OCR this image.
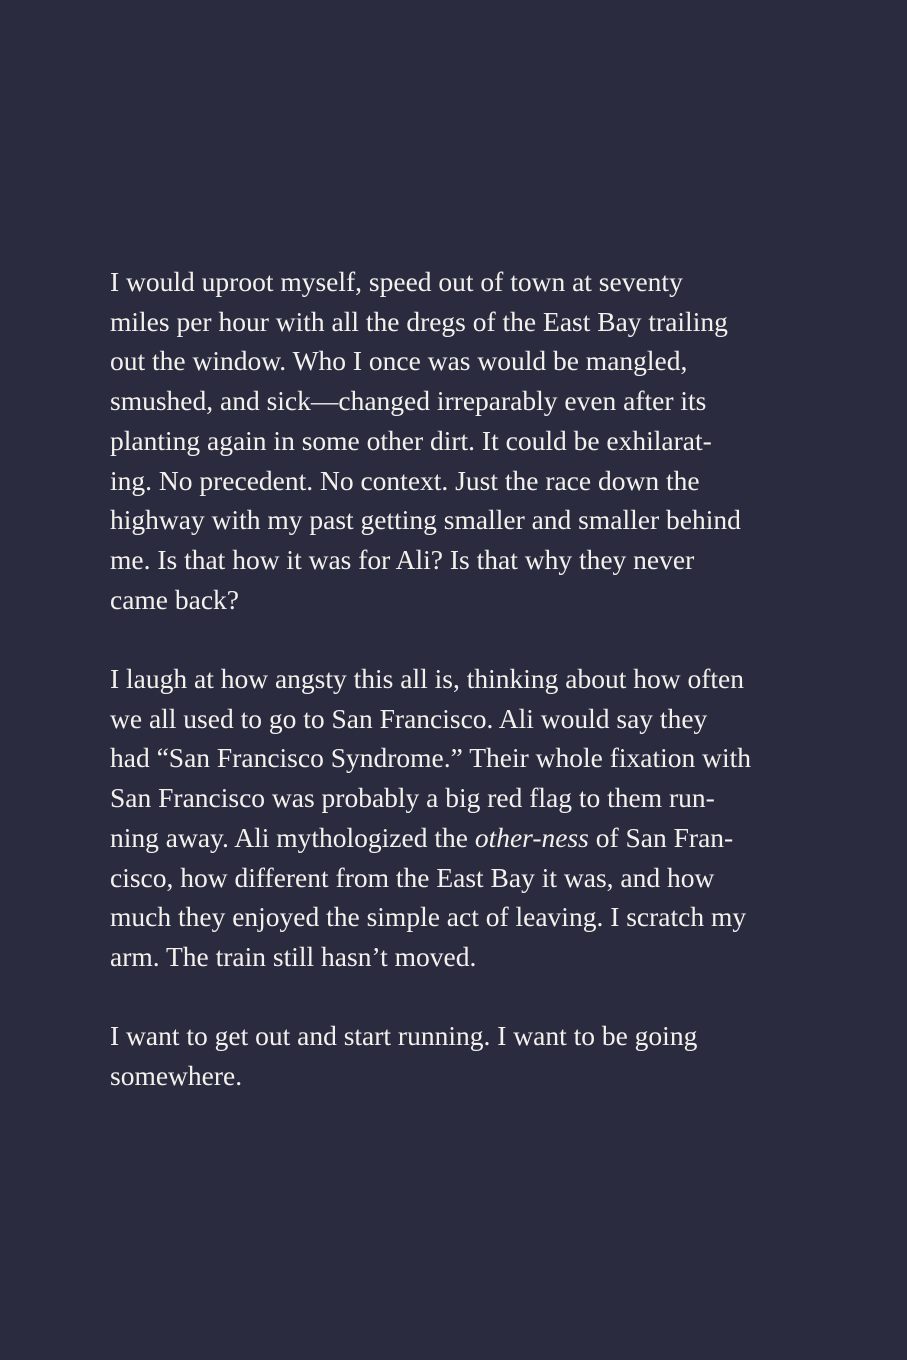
I would uproot myself, speed out of town at seventy
miles per hour with all the dregs of the East Bay trailing
out the window. Who I once was would be mangled,
smushed, and sick—changed irreparably even after its
planting again in some other dirt. It could be exhilarat-
ing. No precedent. No context. Just the race down the
highway with my past getting smaller and smaller behind
me. Is that how it was for Ali? Is that why they never
came back?

I laugh at how angsty this all is, thinking about how often
we all used to go to San Francisco. Ali would say they
had “San Francisco Syndrome.” Their whole fixation with
San Francisco was probably a big red flag to them run-
ning away. Ali mythologized the other-ness of San Fran-
cisco, how different from the East Bay it was, and how
much they enjoyed the simple act of leaving. I scratch my
arm. The train still hasn’t moved.

I want to get out and start running. I want to be going
somewhere.
